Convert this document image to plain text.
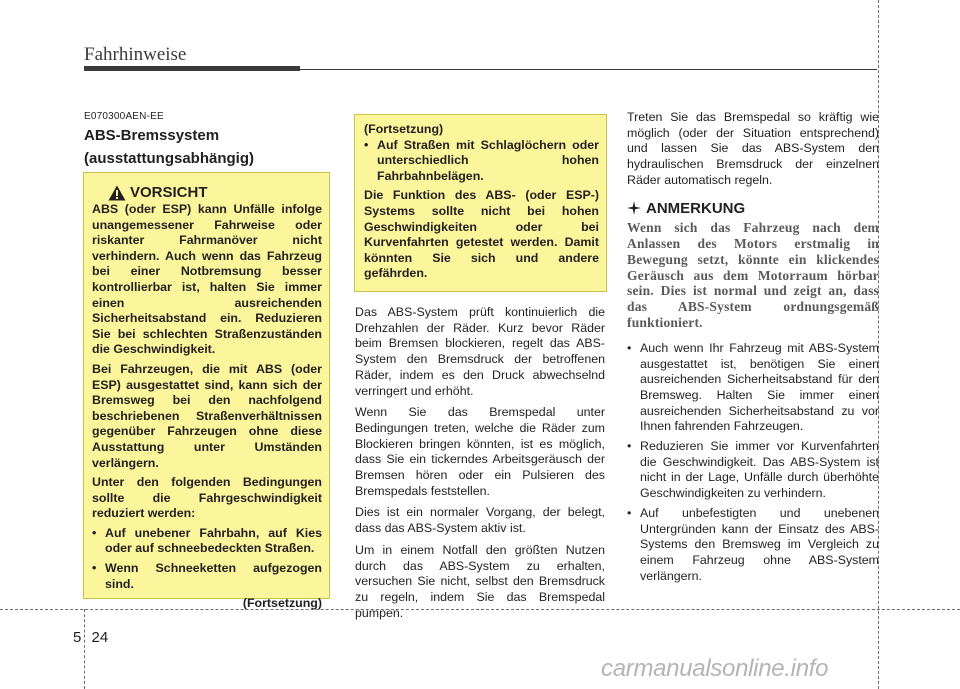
Fahrhinweise
E070300AEN-EE
ABS-Bremssystem (ausstattungsabhängig)
VORSICHT

ABS (oder ESP) kann Unfälle infolge unangemessener Fahrweise oder riskanter Fahrmanöver nicht verhindern. Auch wenn das Fahrzeug bei einer Notbremsung besser kontrollierbar ist, halten Sie immer einen ausreichenden Sicherheitsabstand ein. Reduzieren Sie bei schlechten Straßenzuständen die Geschwindigkeit.

Bei Fahrzeugen, die mit ABS (oder ESP) ausgestattet sind, kann sich der Bremsweg bei den nachfolgend beschriebenen Straßenverhältnissen gegenüber Fahrzeugen ohne diese Ausstattung unter Umständen verlängern.

Unter den folgenden Bedingungen sollte die Fahrgeschwindigkeit reduziert werden:

• Auf unebener Fahrbahn, auf Kies oder auf schneebedeckten Straßen.
• Wenn Schneeketten aufgezogen sind.
(Fortsetzung)
(Fortsetzung)
• Auf Straßen mit Schlaglöchern oder unterschiedlich hohen Fahrbahnbelägen.

Die Funktion des ABS- (oder ESP-) Systems sollte nicht bei hohen Geschwindigkeiten oder bei Kurvenfahrten getestet werden. Damit könnten Sie sich und andere gefährden.

Das ABS-System prüft kontinuierlich die Drehzahlen der Räder. Kurz bevor Räder beim Bremsen blockieren, regelt das ABS-System den Bremsdruck der betroffenen Räder, indem es den Druck abwechselnd verringert und erhöht.

Wenn Sie das Bremspedal unter Bedingungen treten, welche die Räder zum Blockieren bringen könnten, ist es möglich, dass Sie ein tickerndes Arbeitsgeräusch der Bremsen hören oder ein Pulsieren des Bremspedals feststellen.

Dies ist ein normaler Vorgang, der belegt, dass das ABS-System aktiv ist.

Um in einem Notfall den größten Nutzen durch das ABS-System zu erhalten, versuchen Sie nicht, selbst den Bremsdruck zu regeln, indem Sie das Bremspedal pumpen.

Treten Sie das Bremspedal so kräftig wie möglich (oder der Situation entsprechend) und lassen Sie das ABS-System den hydraulischen Bremsdruck der einzelnen Räder automatisch regeln.

ANMERKUNG
Wenn sich das Fahrzeug nach dem Anlassen des Motors erstmalig in Bewegung setzt, könnte ein klickendes Geräusch aus dem Motorraum hörbar sein. Dies ist normal und zeigt an, dass das ABS-System ordnungsgemäß funktioniert.
• Auch wenn Ihr Fahrzeug mit ABS-System ausgestattet ist, benötigen Sie einen ausreichenden Sicherheitsabstand für den Bremsweg. Halten Sie immer einen ausreichenden Sicherheitsabstand zu vor Ihnen fahrenden Fahrzeugen.
• Reduzieren Sie immer vor Kurvenfahrten die Geschwindigkeit. Das ABS-System ist nicht in der Lage, Unfälle durch überhöhte Geschwindigkeiten zu verhindern.
• Auf unbefestigten und unebenen Untergründen kann der Einsatz des ABS-Systems den Bremsweg im Vergleich zu einem Fahrzeug ohne ABS-System verlängern.
5 24
carmanualsonline.info
